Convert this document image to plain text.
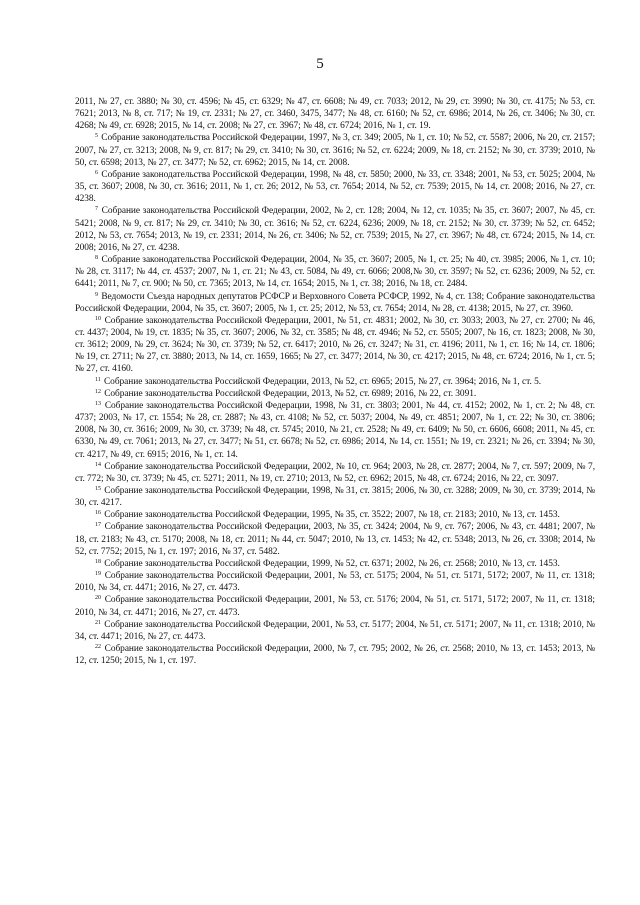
5

2011, № 27, ст. 3880; № 30, ст. 4596; № 45, ст. 6329; № 47, ст. 6608; № 49, ст. 7033; 2012, № 29, ст. 3990; № 30, ст. 4175; № 53, ст. 7621; 2013, № 8, ст. 717; № 19, ст. 2331; № 27, ст. 3460, 3475, 3477; № 48, ст. 6160; № 52, ст. 6986; 2014, № 26, ст. 3406; № 30, ст. 4268; № 49, ст. 6928; 2015, № 14, ст. 2008; № 27, ст. 3967; № 48, ст. 6724; 2016, № 1, ст. 19.

$^5$ Собрание законодательства Российской Федерации, 1997, № 3, ст. 349; 2005, № 1, ст. 10; № 52, ст. 5587; 2006, № 20, ст. 2157; 2007, № 27, ст. 3213; 2008, № 9, ст. 817; № 29, ст. 3410; № 30, ст. 3616; № 52, ст. 6224; 2009, № 18, ст. 2152; № 30, ст. 3739; 2010, № 50, ст. 6598; 2013, № 27, ст. 3477; № 52, ст. 6962; 2015, № 14, ст. 2008.

$^6$ Собрание законодательства Российской Федерации, 1998, № 48, ст. 5850; 2000, № 33, ст. 3348; 2001, № 53, ст. 5025; 2004, № 35, ст. 3607; 2008, № 30, ст. 3616; 2011, № 1, ст. 26; 2012, № 53, ст. 7654; 2014, № 52, ст. 7539; 2015, № 14, ст. 2008; 2016, № 27, ст. 4238.

$^7$ Собрание законодательства Российской Федерации, 2002, № 2, ст. 128; 2004, № 12, ст. 1035; № 35, ст. 3607; 2007, № 45, ст. 5421; 2008, № 9, ст. 817; № 29, ст. 3410; № 30, ст. 3616; № 52, ст. 6224, 6236; 2009, № 18, ст. 2152; № 30, ст. 3739; № 52, ст. 6452; 2012, № 53, ст. 7654; 2013, № 19, ст. 2331; 2014, № 26, ст. 3406; № 52, ст. 7539; 2015, № 27, ст. 3967; № 48, ст. 6724; 2015, № 14, ст. 2008; 2016, № 27, ст. 4238.

$^8$ Собрание законодательства Российской Федерации, 2004, № 35, ст. 3607; 2005, № 1, ст. 25; № 40, ст. 3985; 2006, № 1, ст. 10; № 28, ст. 3117; № 44, ст. 4537; 2007, № 1, ст. 21; № 43, ст. 5084, № 49, ст. 6066; 2008,№ 30, ст. 3597; № 52, ст. 6236; 2009, № 52, ст. 6441; 2011, № 7, ст. 900; № 50, ст. 7365; 2013, № 14, ст. 1654; 2015, № 1, ст. 38; 2016, № 18, ст. 2484.

$^9$ Ведомости Съезда народных депутатов РСФСР и Верховного Совета РСФСР, 1992, № 4, ст. 138; Собрание законодательства Российской Федерации, 2004, № 35, ст. 3607; 2005, № 1, ст. 25; 2012, № 53, ст. 7654; 2014, № 28, ст. 4138; 2015, № 27, ст. 3960.

$^{10}$ Собрание законодательства Российской Федерации, 2001, № 51, ст. 4831; 2002, № 30, ст. 3033; 2003, № 27, ст. 2700; № 46, ст. 4437; 2004, № 19, ст. 1835; № 35, ст. 3607; 2006, № 32, ст. 3585; № 48, ст. 4946; № 52, ст. 5505; 2007, № 16, ст. 1823; 2008, № 30, ст. 3612; 2009, № 29, ст. 3624; № 30, ст. 3739; № 52, ст. 6417; 2010, № 26, ст. 3247; № 31, ст. 4196; 2011, № 1, ст. 16; № 14, ст. 1806; № 19, ст. 2711; № 27, ст. 3880; 2013, № 14, ст. 1659, 1665; № 27, ст. 3477; 2014, № 30, ст. 4217; 2015, № 48, ст. 6724; 2016, № 1, ст. 5; № 27, ст. 4160.

$^{11}$ Собрание законодательства Российской Федерации, 2013, № 52, ст. 6965; 2015, № 27, ст. 3964; 2016, № 1, ст. 5.

$^{12}$ Собрание законодательства Российской Федерации, 2013, № 52, ст. 6989; 2016, № 22, ст. 3091.

$^{13}$ Собрание законодательства Российской Федерации, 1998, № 31, ст. 3803; 2001, № 44, ст. 4152; 2002, № 1, ст. 2; № 48, ст. 4737; 2003, № 17, ст. 1554; № 28, ст. 2887; № 43, ст. 4108; № 52, ст. 5037; 2004, № 49, ст. 4851; 2007, № 1, ст. 22; № 30, ст. 3806; 2008, № 30, ст. 3616; 2009, № 30, ст. 3739; № 48, ст. 5745; 2010, № 21, ст. 2528; № 49, ст. 6409; № 50, ст. 6606, 6608; 2011, № 45, ст. 6330, № 49, ст. 7061; 2013, № 27, ст. 3477; № 51, ст. 6678; № 52, ст. 6986; 2014, № 14, ст. 1551; № 19, ст. 2321; № 26, ст. 3394; № 30, ст. 4217, № 49, ст. 6915; 2016, № 1, ст. 14.

$^{14}$ Собрание законодательства Российской Федерации, 2002, № 10, ст. 964; 2003, № 28, ст. 2877; 2004, № 7, ст. 597; 2009, № 7, ст. 772; № 30, ст. 3739; № 45, ст. 5271; 2011, № 19, ст. 2710; 2013, № 52, ст. 6962; 2015, № 48, ст. 6724; 2016, № 22, ст. 3097.

$^{15}$ Собрание законодательства Российской Федерации, 1998, № 31, ст. 3815; 2006, № 30, ст. 3288; 2009, № 30, ст. 3739; 2014, № 30, ст. 4217.

$^{16}$ Собрание законодательства Российской Федерации, 1995, № 35, ст. 3522; 2007, № 18, ст. 2183; 2010, № 13, ст. 1453.

$^{17}$ Собрание законодательства Российской Федерации, 2003, № 35, ст. 3424; 2004, № 9, ст. 767; 2006, № 43, ст. 4481; 2007, № 18, ст. 2183; № 43, ст. 5170; 2008, № 18, ст. 2011; № 44, ст. 5047; 2010, № 13, ст. 1453; № 42, ст. 5348; 2013, № 26, ст. 3308; 2014, № 52, ст. 7752; 2015, № 1, ст. 197; 2016, № 37, ст. 5482.

$^{18}$ Собрание законодательства Российской Федерации, 1999, № 52, ст. 6371; 2002, № 26, ст. 2568; 2010, № 13, ст. 1453.

$^{19}$ Собрание законодательства Российской Федерации, 2001, № 53, ст. 5175; 2004, № 51, ст. 5171, 5172; 2007, № 11, ст. 1318; 2010, № 34, ст. 4471; 2016, № 27, ст. 4473.

$^{20}$ Собрание законодательства Российской Федерации, 2001, № 53, ст. 5176; 2004, № 51, ст. 5171, 5172; 2007, № 11, ст. 1318; 2010, № 34, ст. 4471; 2016, № 27, ст. 4473.

$^{21}$ Собрание законодательства Российской Федерации, 2001, № 53, ст. 5177; 2004, № 51, ст. 5171; 2007, № 11, ст. 1318; 2010, № 34, ст. 4471; 2016, № 27, ст. 4473.

$^{22}$ Собрание законодательства Российской Федерации, 2000, № 7, ст. 795; 2002, № 26, ст. 2568; 2010, № 13, ст. 1453; 2013, № 12, ст. 1250; 2015, № 1, ст. 197.
